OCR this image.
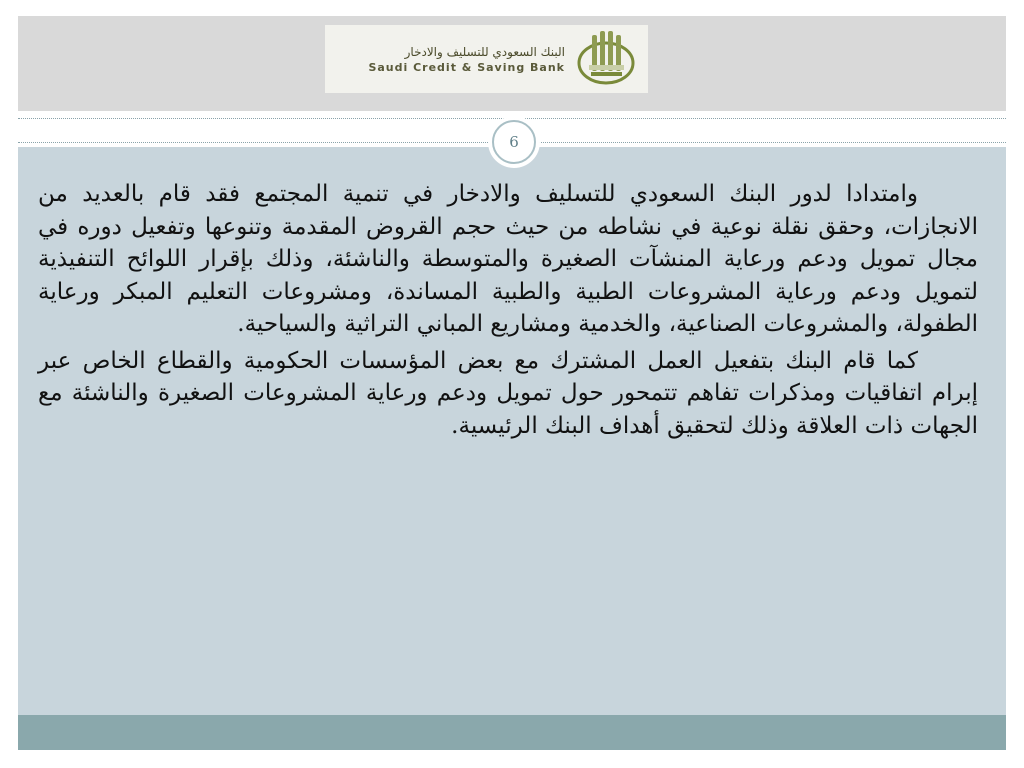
البنك السعودي للتسليف والادخار
Saudi Credit & Saving Bank
6

وامتدادا لدور البنك السعودي للتسليف والادخار في تنمية المجتمع فقد قام بالعديد من الانجازات، وحقق نقلة نوعية في نشاطه من حيث حجم القروض المقدمة وتنوعها وتفعيل دوره في مجال تمويل ودعم ورعاية المنشآت الصغيرة والمتوسطة والناشئة، وذلك بإقرار اللوائح التنفيذية لتمويل ودعم ورعاية المشروعات الطبية والطبية المساندة، ومشروعات التعليم المبكر ورعاية الطفولة، والمشروعات الصناعية، والخدمية ومشاريع المباني التراثية والسياحية.

كما قام البنك بتفعيل العمل المشترك مع بعض المؤسسات الحكومية والقطاع الخاص عبر إبرام اتفاقيات ومذكرات تفاهم تتمحور حول تمويل ودعم ورعاية المشروعات الصغيرة والناشئة مع الجهات ذات العلاقة وذلك لتحقيق أهداف البنك الرئيسية.
